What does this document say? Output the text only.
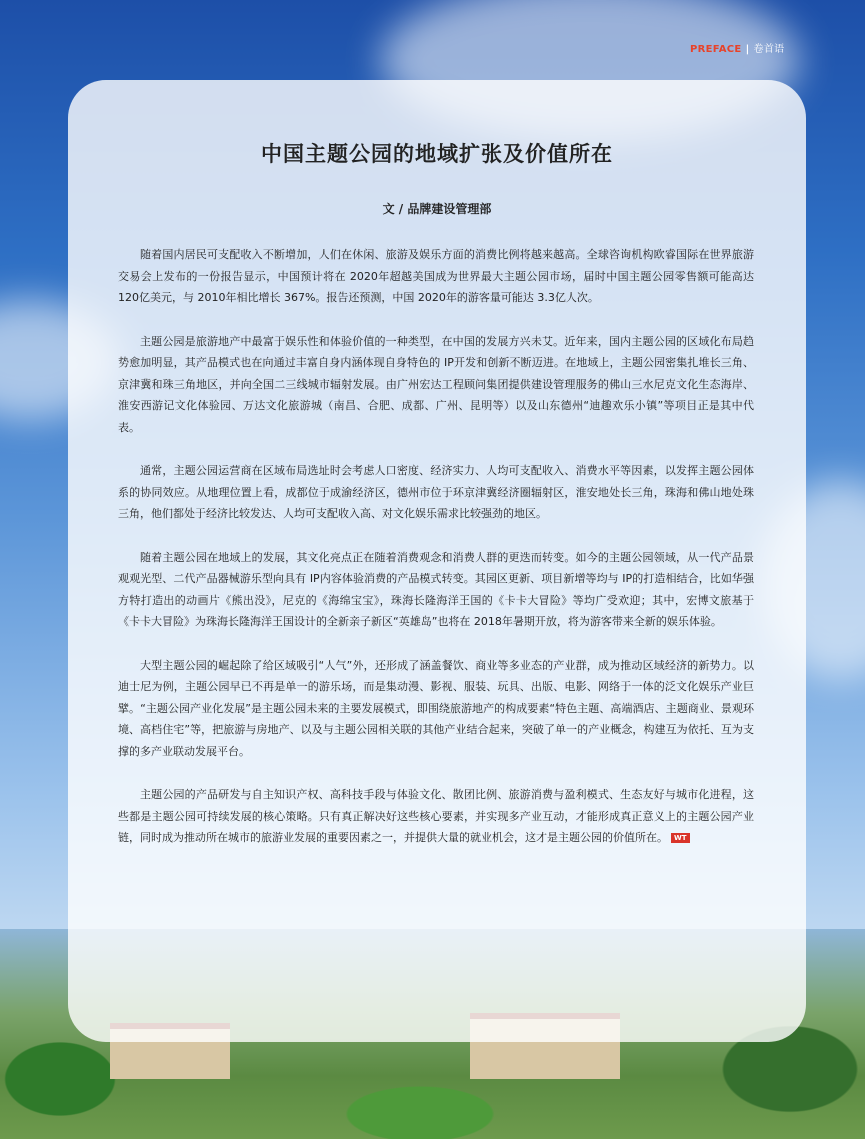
PREFACE | 卷首语
中国主题公园的地域扩张及价值所在
文 / 品牌建设管理部

随着国内居民可支配收入不断增加，人们在休闲、旅游及娱乐方面的消费比例将越来越高。全球咨询机构欧睿国际在世界旅游交易会上发布的一份报告显示，中国预计将在 2020年超越美国成为世界最大主题公园市场，届时中国主题公园零售额可能高达 120亿美元，与 2010年相比增长 367%。报告还预测，中国 2020年的游客量可能达 3.3亿人次。

主题公园是旅游地产中最富于娱乐性和体验价值的一种类型，在中国的发展方兴未艾。近年来，国内主题公园的区域化布局趋势愈加明显，其产品模式也在向通过丰富自身内涵体现自身特色的 IP开发和创新不断迈进。在地域上，主题公园密集扎堆长三角、京津冀和珠三角地区，并向全国二三线城市辐射发展。由广州宏达工程顾问集团提供建设管理服务的佛山三水尼克文化生态海岸、淮安西游记文化体验园、万达文化旅游城（南昌、合肥、成都、广州、昆明等）以及山东德州“迪趣欢乐小镇”等项目正是其中代表。

通常，主题公园运营商在区域布局选址时会考虑人口密度、经济实力、人均可支配收入、消费水平等因素，以发挥主题公园体系的协同效应。从地理位置上看，成都位于成渝经济区，德州市位于环京津冀经济圈辐射区，淮安地处长三角，珠海和佛山地处珠三角，他们都处于经济比较发达、人均可支配收入高、对文化娱乐需求比较强劲的地区。

随着主题公园在地域上的发展，其文化亮点正在随着消费观念和消费人群的更迭而转变。如今的主题公园领域，从一代产品景观观光型、二代产品器械游乐型向具有 IP内容体验消费的产品模式转变。其园区更新、项目新增等均与 IP的打造相结合，比如华强方特打造出的动画片《熊出没》，尼克的《海绵宝宝》，珠海长隆海洋王国的《卡卡大冒险》等均广受欢迎；其中，宏博文旅基于《卡卡大冒险》为珠海长隆海洋王国设计的全新亲子新区“英雄岛”也将在 2018年暑期开放，将为游客带来全新的娱乐体验。

大型主题公园的崛起除了给区域吸引“人气”外，还形成了涵盖餐饮、商业等多业态的产业群，成为推动区域经济的新势力。以迪士尼为例，主题公园早已不再是单一的游乐场，而是集动漫、影视、服装、玩具、出版、电影、网络于一体的泛文化娱乐产业巨擘。“主题公园产业化发展”是主题公园未来的主要发展模式，即围绕旅游地产的构成要素“特色主题、高端酒店、主题商业、景观环境、高档住宅”等，把旅游与房地产、以及与主题公园相关联的其他产业结合起来，突破了单一的产业概念，构建互为依托、互为支撑的多产业联动发展平台。

主题公园的产品研发与自主知识产权、高科技手段与体验文化、散团比例、旅游消费与盈利模式、生态友好与城市化进程，这些都是主题公园可持续发展的核心策略。只有真正解决好这些核心要素，并实现多产业互动，才能形成真正意义上的主题公园产业链，同时成为推动所在城市的旅游业发展的重要因素之一，并提供大量的就业机会，这才是主题公园的价值所在。 WT
